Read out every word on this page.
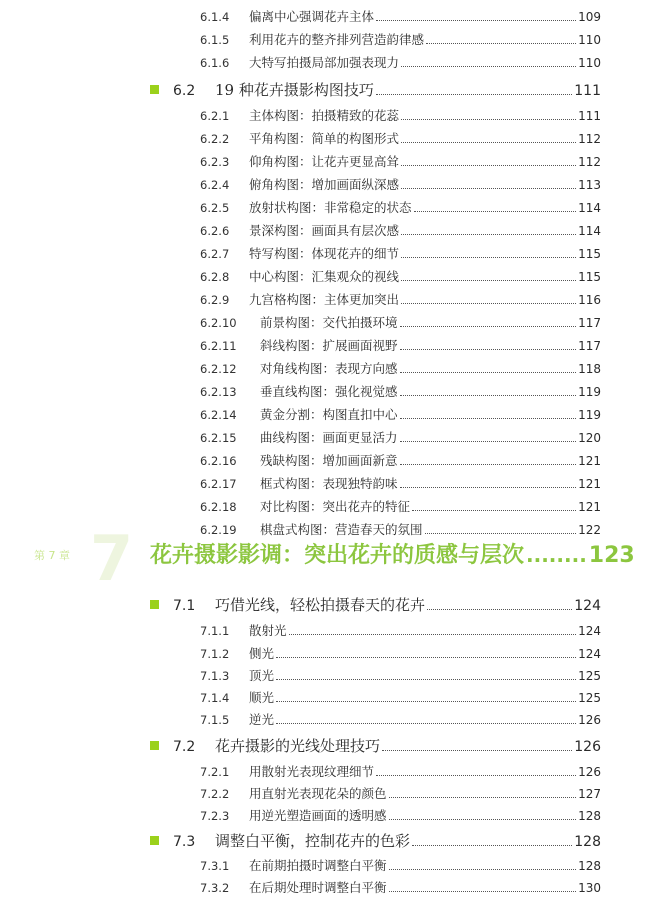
6.1.4	偏离中心强调花卉主体	109
6.1.5	利用花卉的整齐排列营造韵律感	110
6.1.6	大特写拍摄局部加强表现力	110
6.2	19 种花卉摄影构图技巧	111
6.2.1	主体构图：拍摄精致的花蕊	111
6.2.2	平角构图：简单的构图形式	112
6.2.3	仰角构图：让花卉更显高耸	112
6.2.4	俯角构图：增加画面纵深感	113
6.2.5	放射状构图：非常稳定的状态	114
6.2.6	景深构图：画面具有层次感	114
6.2.7	特写构图：体现花卉的细节	115
6.2.8	中心构图：汇集观众的视线	115
6.2.9	九宫格构图：主体更加突出	116
6.2.10	前景构图：交代拍摄环境	117
6.2.11	斜线构图：扩展画面视野	117
6.2.12	对角线构图：表现方向感	118
6.2.13	垂直线构图：强化视觉感	119
6.2.14	黄金分割：构图直扣中心	119
6.2.15	曲线构图：画面更显活力	120
6.2.16	残缺构图：增加画面新意	121
6.2.17	框式构图：表现独特韵味	121
6.2.18	对比构图：突出花卉的特征	121
6.2.19	棋盘式构图：营造春天的氛围	122
7
第 7 章	花卉摄影影调：突出花卉的质感与层次 ........ 123
7.1	巧借光线，轻松拍摄春天的花卉	124
7.1.1	散射光	124
7.1.2	侧光	124
7.1.3	顶光	125
7.1.4	顺光	125
7.1.5	逆光	126
7.2	花卉摄影的光线处理技巧	126
7.2.1	用散射光表现纹理细节	126
7.2.2	用直射光表现花朵的颜色	127
7.2.3	用逆光塑造画面的透明感	128
7.3	调整白平衡，控制花卉的色彩	128
7.3.1	在前期拍摄时调整白平衡	128
7.3.2	在后期处理时调整白平衡	130
